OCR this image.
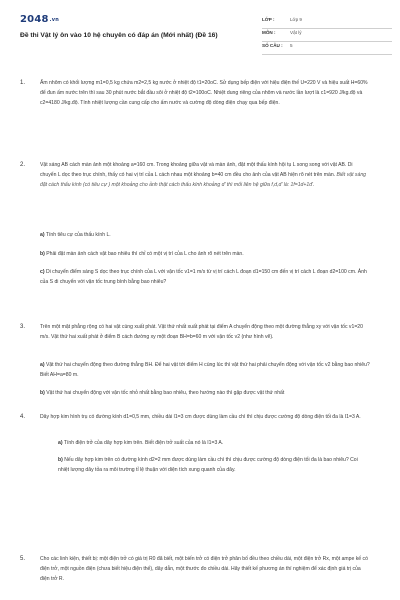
2048.vn
Đề thi Vật lý ôn vào 10 hệ chuyên có đáp án (Mới nhất) (Đề 16)
LỚP :	Lớp 9
MÔN :	Vật lý
SỐ CÂU : 5
1.	Ấm nhôm có khối lượng m1=0,5 kg chứa m2=2,5 kg nước ở nhiệt độ t1=20oC. Sử dụng bếp điện với hiệu điện thế U=220 V và hiệu suất H=60% để đun ấm nước trên thì sau 30 phút nước bắt đầu sôi ở nhiệt độ t2=100oC. Nhiệt dung riêng của nhôm và nước lần lượt là c1=920 J/kg.độ và c2=4180 J/kg.độ. Tính nhiệt lượng cần cung cấp cho ấm nước và cường độ dòng điện chạy qua bếp điện.
2.	Vật sáng AB cách màn ảnh một khoảng a=160 cm. Trong khoảng giữa vật và màn ảnh, đặt một thấu kính hội tụ L song song với vật AB. Di chuyển L dọc theo trục chính, thấy có hai vị trí của L cách nhau một khoảng b=40 cm đều cho ảnh của vật AB hiện rõ nét trên màn. Biết vật sáng đặt cách thấu kính (có tiêu cự ) một khoảng cho ảnh thật cách thấu kính khoảng d' thì mối liên hệ giữa f,d,d' là: 1f=1d+1d'.
a) Tính tiêu cự của thấu kính L.
b) Phải đặt màn ảnh cách vật bao nhiêu thì chỉ có một vị trí của L cho ảnh rõ nét trên màn.
c) Di chuyển điểm sáng S dọc theo trục chính của L với vận tốc v1=1 m/s từ vị trí cách L đoạn d1=150 cm đến vị trí cách L đoạn d2=100 cm. Ảnh của S di chuyển với vận tốc trung bình bằng bao nhiêu?
3.	Trên một mặt phẳng rộng có hai vật cùng xuất phát. Vật thứ nhất xuất phát tại điểm A chuyển động theo một đường thẳng xy với vận tốc v1=20 m/s. Vật thứ hai xuất phát ở điểm B cách đường xy một đoạn BH=b=60 m với vận tốc v2 (như hình vẽ).
a) Vật thứ hai chuyển động theo đường thẳng BH. Để hai vật tới điểm H cùng lúc thì vật thứ hai phải chuyển động với vận tốc v2 bằng bao nhiêu? Biết AH=a=80 m.
b) Vật thứ hai chuyển động với vận tốc nhỏ nhất bằng bao nhiêu, theo hướng nào thì gặp được vật thứ nhất
4.	Dây hợp kim hình trụ có đường kính d1=0,5 mm, chiều dài l1=3 cm được dùng làm cầu chì thì chịu được cường độ dòng điện tối đa là I1=3 A.
a) Tính điện trở của dây hợp kim trên. Biết điện trở suất của nó là I1=3 A.
b) Nếu dây hợp kim trên có đường kính d2=2 mm được dùng làm cầu chì thì chịu được cường độ dòng điện tối đa là bao nhiêu? Coi nhiệt lượng dây tỏa ra môi trường tỉ lệ thuận với diện tích xung quanh của dây.
5.	Cho các linh kiện, thiết bị: một điện trở có giá trị R0 đã biết, một biến trở có điện trở phân bố đều theo chiều dài, một điện trở Rx, một ampe kế có điện trở, một nguồn điện (chưa biết hiệu điện thế), dây dẫn, một thước đo chiều dài. Hãy thiết kế phương án thí nghiệm để xác định giá trị của điện trở R.
